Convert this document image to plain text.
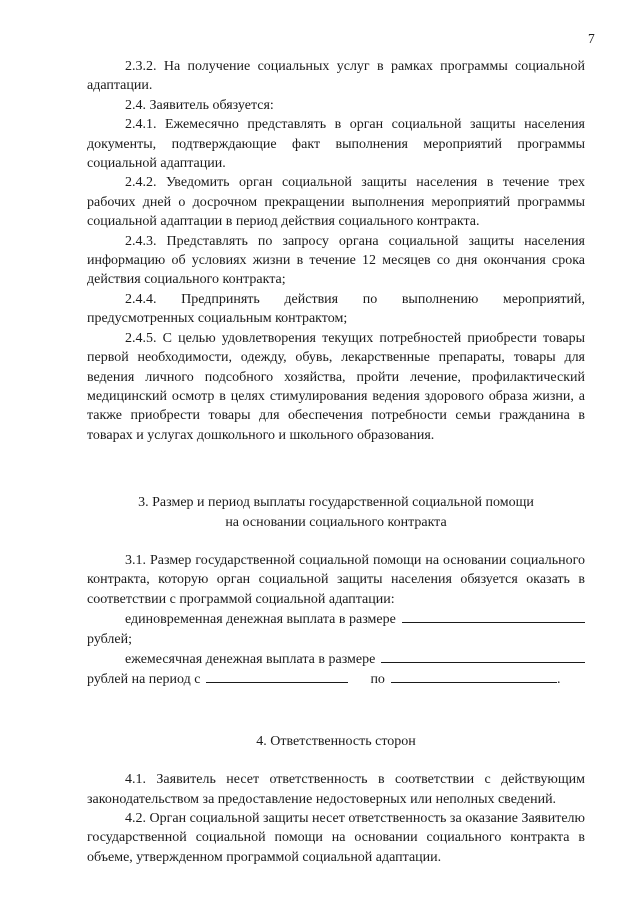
7

2.3.2. На получение социальных услуг в рамках программы социальной адаптации.

2.4. Заявитель обязуется:

2.4.1. Ежемесячно представлять в орган социальной защиты населения документы, подтверждающие факт выполнения мероприятий программы социальной адаптации.

2.4.2. Уведомить орган социальной защиты населения в течение трех рабочих дней о досрочном прекращении выполнения мероприятий программы социальной адаптации в период действия социального контракта.

2.4.3. Представлять по запросу органа социальной защиты населения информацию об условиях жизни в течение 12 месяцев со дня окончания срока действия социального контракта;

2.4.4. Предпринять действия по выполнению мероприятий, предусмотренных социальным контрактом;

2.4.5. С целью удовлетворения текущих потребностей приобрести товары первой необходимости, одежду, обувь, лекарственные препараты, товары для ведения личного подсобного хозяйства, пройти лечение, профилактический медицинский осмотр в целях стимулирования ведения здорового образа жизни, а также приобрести товары для обеспечения потребности семьи гражданина в товарах и услугах дошкольного и школьного образования.

3. Размер и период выплаты государственной социальной помощи

на основании социального контракта

3.1. Размер государственной социальной помощи на основании социального контракта, которую орган социальной защиты населения обязуется оказать в соответствии с программой социальной адаптации:

единовременная денежная выплата в размере
рублей;
ежемесячная денежная выплата в размере
рублей на период с	по	.

4. Ответственность сторон

4.1. Заявитель несет ответственность в соответствии с действующим законодательством за предоставление недостоверных или неполных сведений.

4.2. Орган социальной защиты несет ответственность за оказание Заявителю государственной социальной помощи на основании социального контракта в объеме, утвержденном программой социальной адаптации.
